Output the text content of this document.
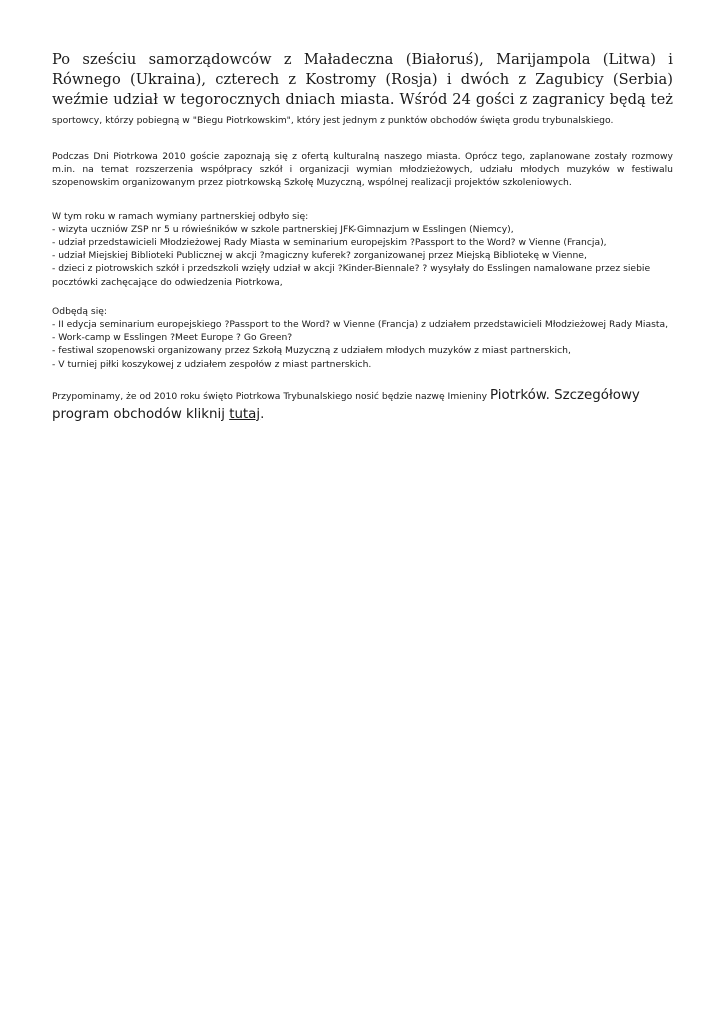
Po sześciu samorządowców z Maładeczna (Białoruś), Marijampola (Litwa) i Równego (Ukraina), czterech z Kostromy (Rosja) i dwóch z Zagubicy (Serbia) weźmie udział w tegorocznych dniach miasta. Wśród 24 gości z zagranicy będą też sportowcy, którzy pobiegną w "Biegu Piotrkowskim", który jest jednym z punktów obchodów święta grodu trybunalskiego.

Podczas Dni Piotrkowa 2010 goście zapoznają się z ofertą kulturalną naszego miasta. Oprócz tego, zaplanowane zostały rozmowy m.in. na temat rozszerzenia współpracy szkół i organizacji wymian młodzieżowych, udziału młodych muzyków w festiwalu szopenowskim organizowanym przez piotrkowską Szkołę Muzyczną, wspólnej realizacji projektów szkoleniowych.

W tym roku w ramach wymiany partnerskiej odbyło się:
- wizyta uczniów ZSP nr 5 u rówieśników w szkole partnerskiej JFK-Gimnazjum w Esslingen (Niemcy),
- udział przedstawicieli Młodzieżowej Rady Miasta w seminarium europejskim ?Passport to the Word? w Vienne (Francja),
- udział Miejskiej Biblioteki Publicznej w akcji ?magiczny kuferek? zorganizowanej przez Miejską Bibliotekę w Vienne,
- dzieci z piotrowskich szkół i przedszkoli wzięły udział w akcji ?Kinder-Biennale? ? wysyłały do Esslingen namalowane przez siebie pocztówki zachęcające do odwiedzenia Piotrkowa,
Odbędą się:
- II edycja seminarium europejskiego ?Passport to the Word? w Vienne (Francja) z udziałem przedstawicieli Młodzieżowej Rady Miasta,
- Work-camp w Esslingen ?Meet Europe ? Go Green?
- festiwal szopenowski organizowany przez Szkołą Muzyczną z udziałem młodych muzyków z miast partnerskich,
- V turniej piłki koszykowej z udziałem zespołów z miast partnerskich.

Przypominamy, że od 2010 roku święto Piotrkowa Trybunalskiego nosić będzie nazwę Imieniny Piotrków. Szczegółowy program obchodów kliknij tutaj.
